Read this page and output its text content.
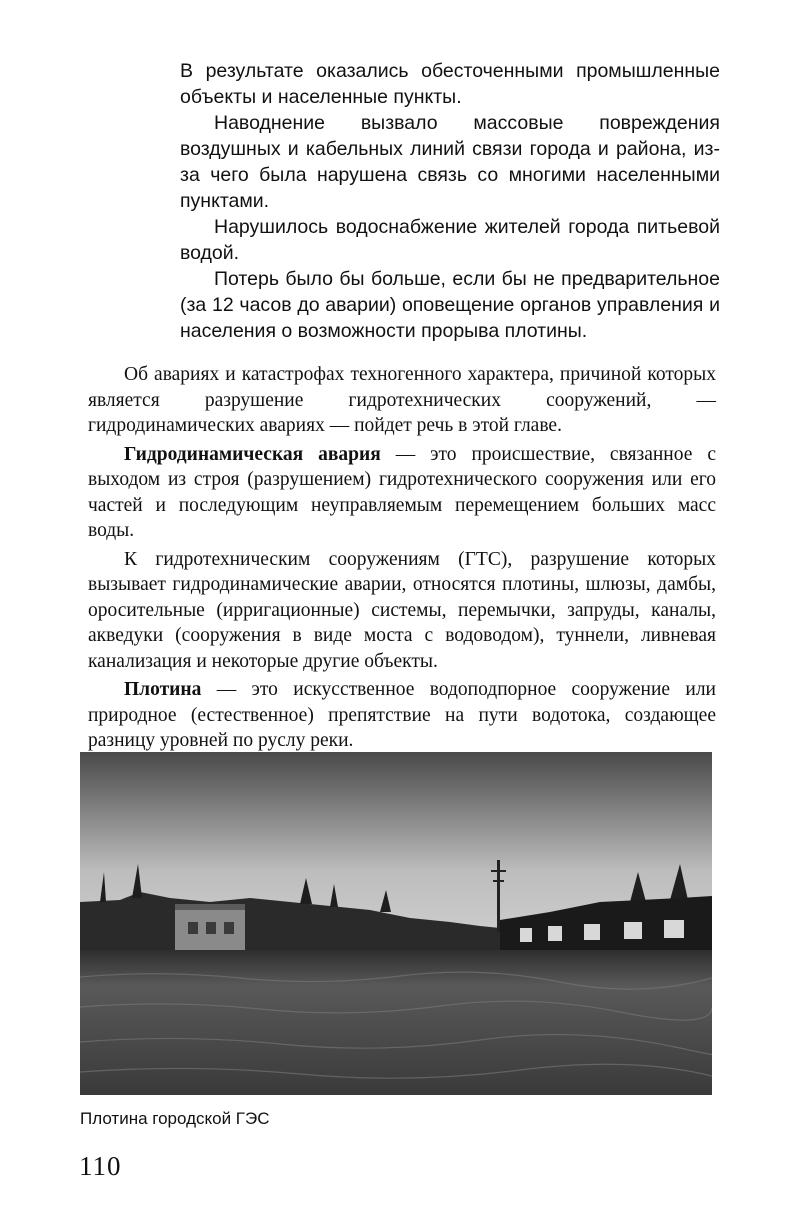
В результате оказались обесточенными промышленные объекты и населенные пункты.

Наводнение вызвало массовые повреждения воздушных и кабельных линий связи города и района, из-за чего была нарушена связь со многими населенными пунктами.

Нарушилось водоснабжение жителей города питьевой водой.

Потерь было бы больше, если бы не предварительное (за 12 часов до аварии) оповещение органов управления и населения о возможности прорыва плотины.

Об авариях и катастрофах техногенного характера, причиной которых является разрушение гидротехнических сооружений, — гидродинамических авариях — пойдет речь в этой главе.

Гидродинамическая авария — это происшествие, связанное с выходом из строя (разрушением) гидротехнического сооружения или его частей и последующим неуправляемым перемещением больших масс воды.

К гидротехническим сооружениям (ГТС), разрушение которых вызывает гидродинамические аварии, относятся плотины, шлюзы, дамбы, оросительные (ирригационные) системы, перемычки, запруды, каналы, акведуки (сооружения в виде моста с водоводом), туннели, ливневая канализация и некоторые другие объекты.

Плотина — это искусственное водоподпорное сооружение или природное (естественное) препятствие на пути водотока, создающее разницу уровней по руслу реки.

Плотина городской ГЭС
110
